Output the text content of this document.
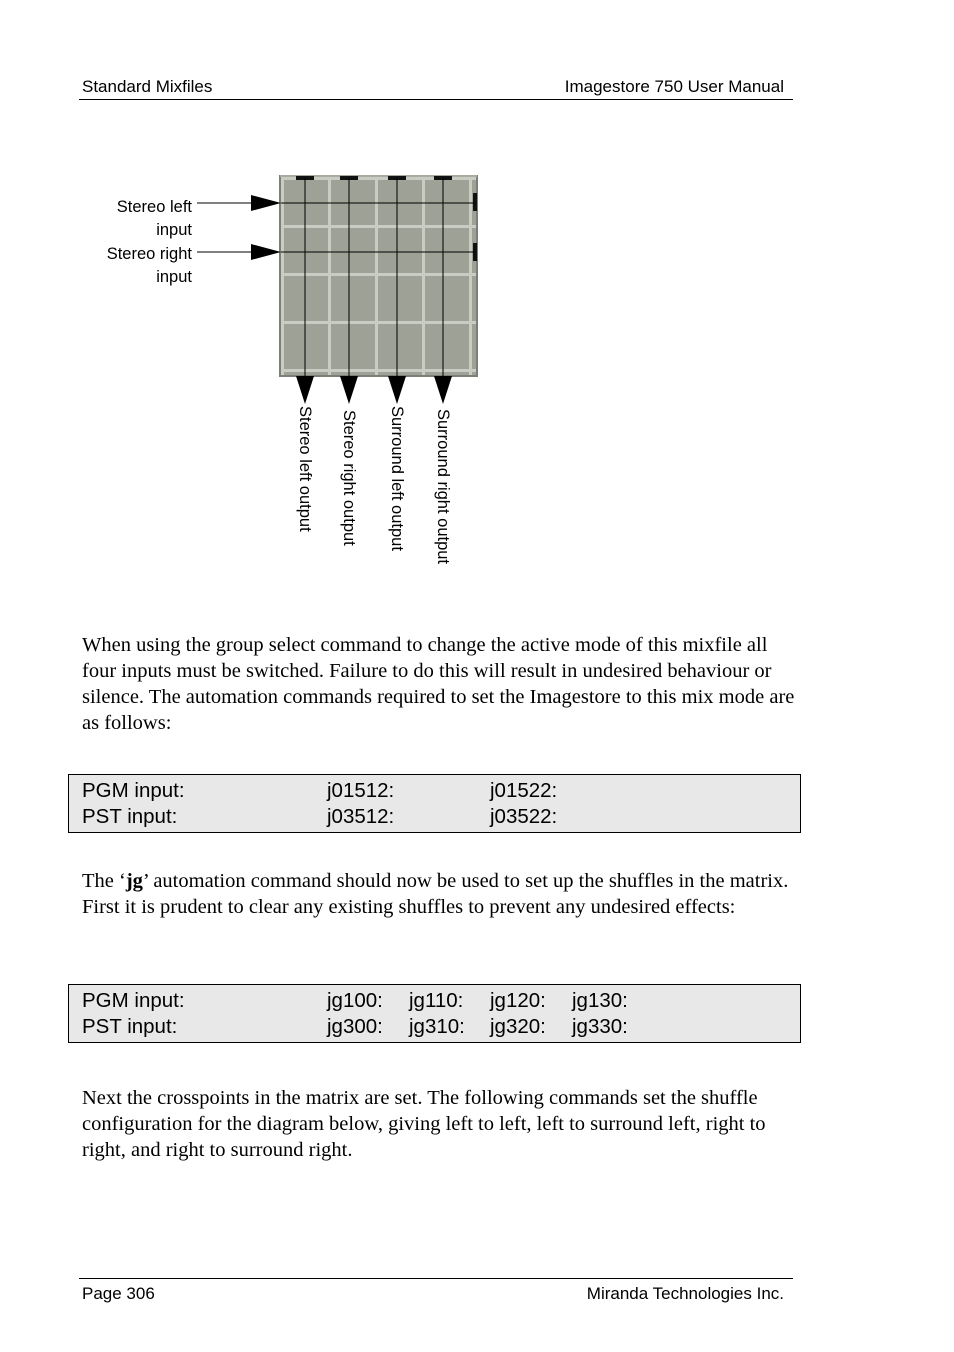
Standard Mixfiles	Imagestore 750 User Manual
Stereo left
input
Stereo right
input
Stereo left output Stereo right output Surround left output Surround right output

When using the group select command to change the active mode of this mixfile all four inputs must be switched. Failure to do this will result in undesired behaviour or silence. The automation commands required to set the Imagestore to this mix mode are as follows:

PGM input:	j01512:	j01522:
PST input:	j03512:	j03522:

The ‘jg’ automation command should now be used to set up the shuffles in the matrix. First it is prudent to clear any existing shuffles to prevent any undesired effects:

PGM input:	jg100: jg110: jg120: jg130:
PST input:	jg300: jg310: jg320: jg330:

Next the crosspoints in the matrix are set. The following commands set the shuffle configuration for the diagram below, giving left to left, left to surround left, right to right, and right to surround right.

Page 306	Miranda Technologies Inc.
